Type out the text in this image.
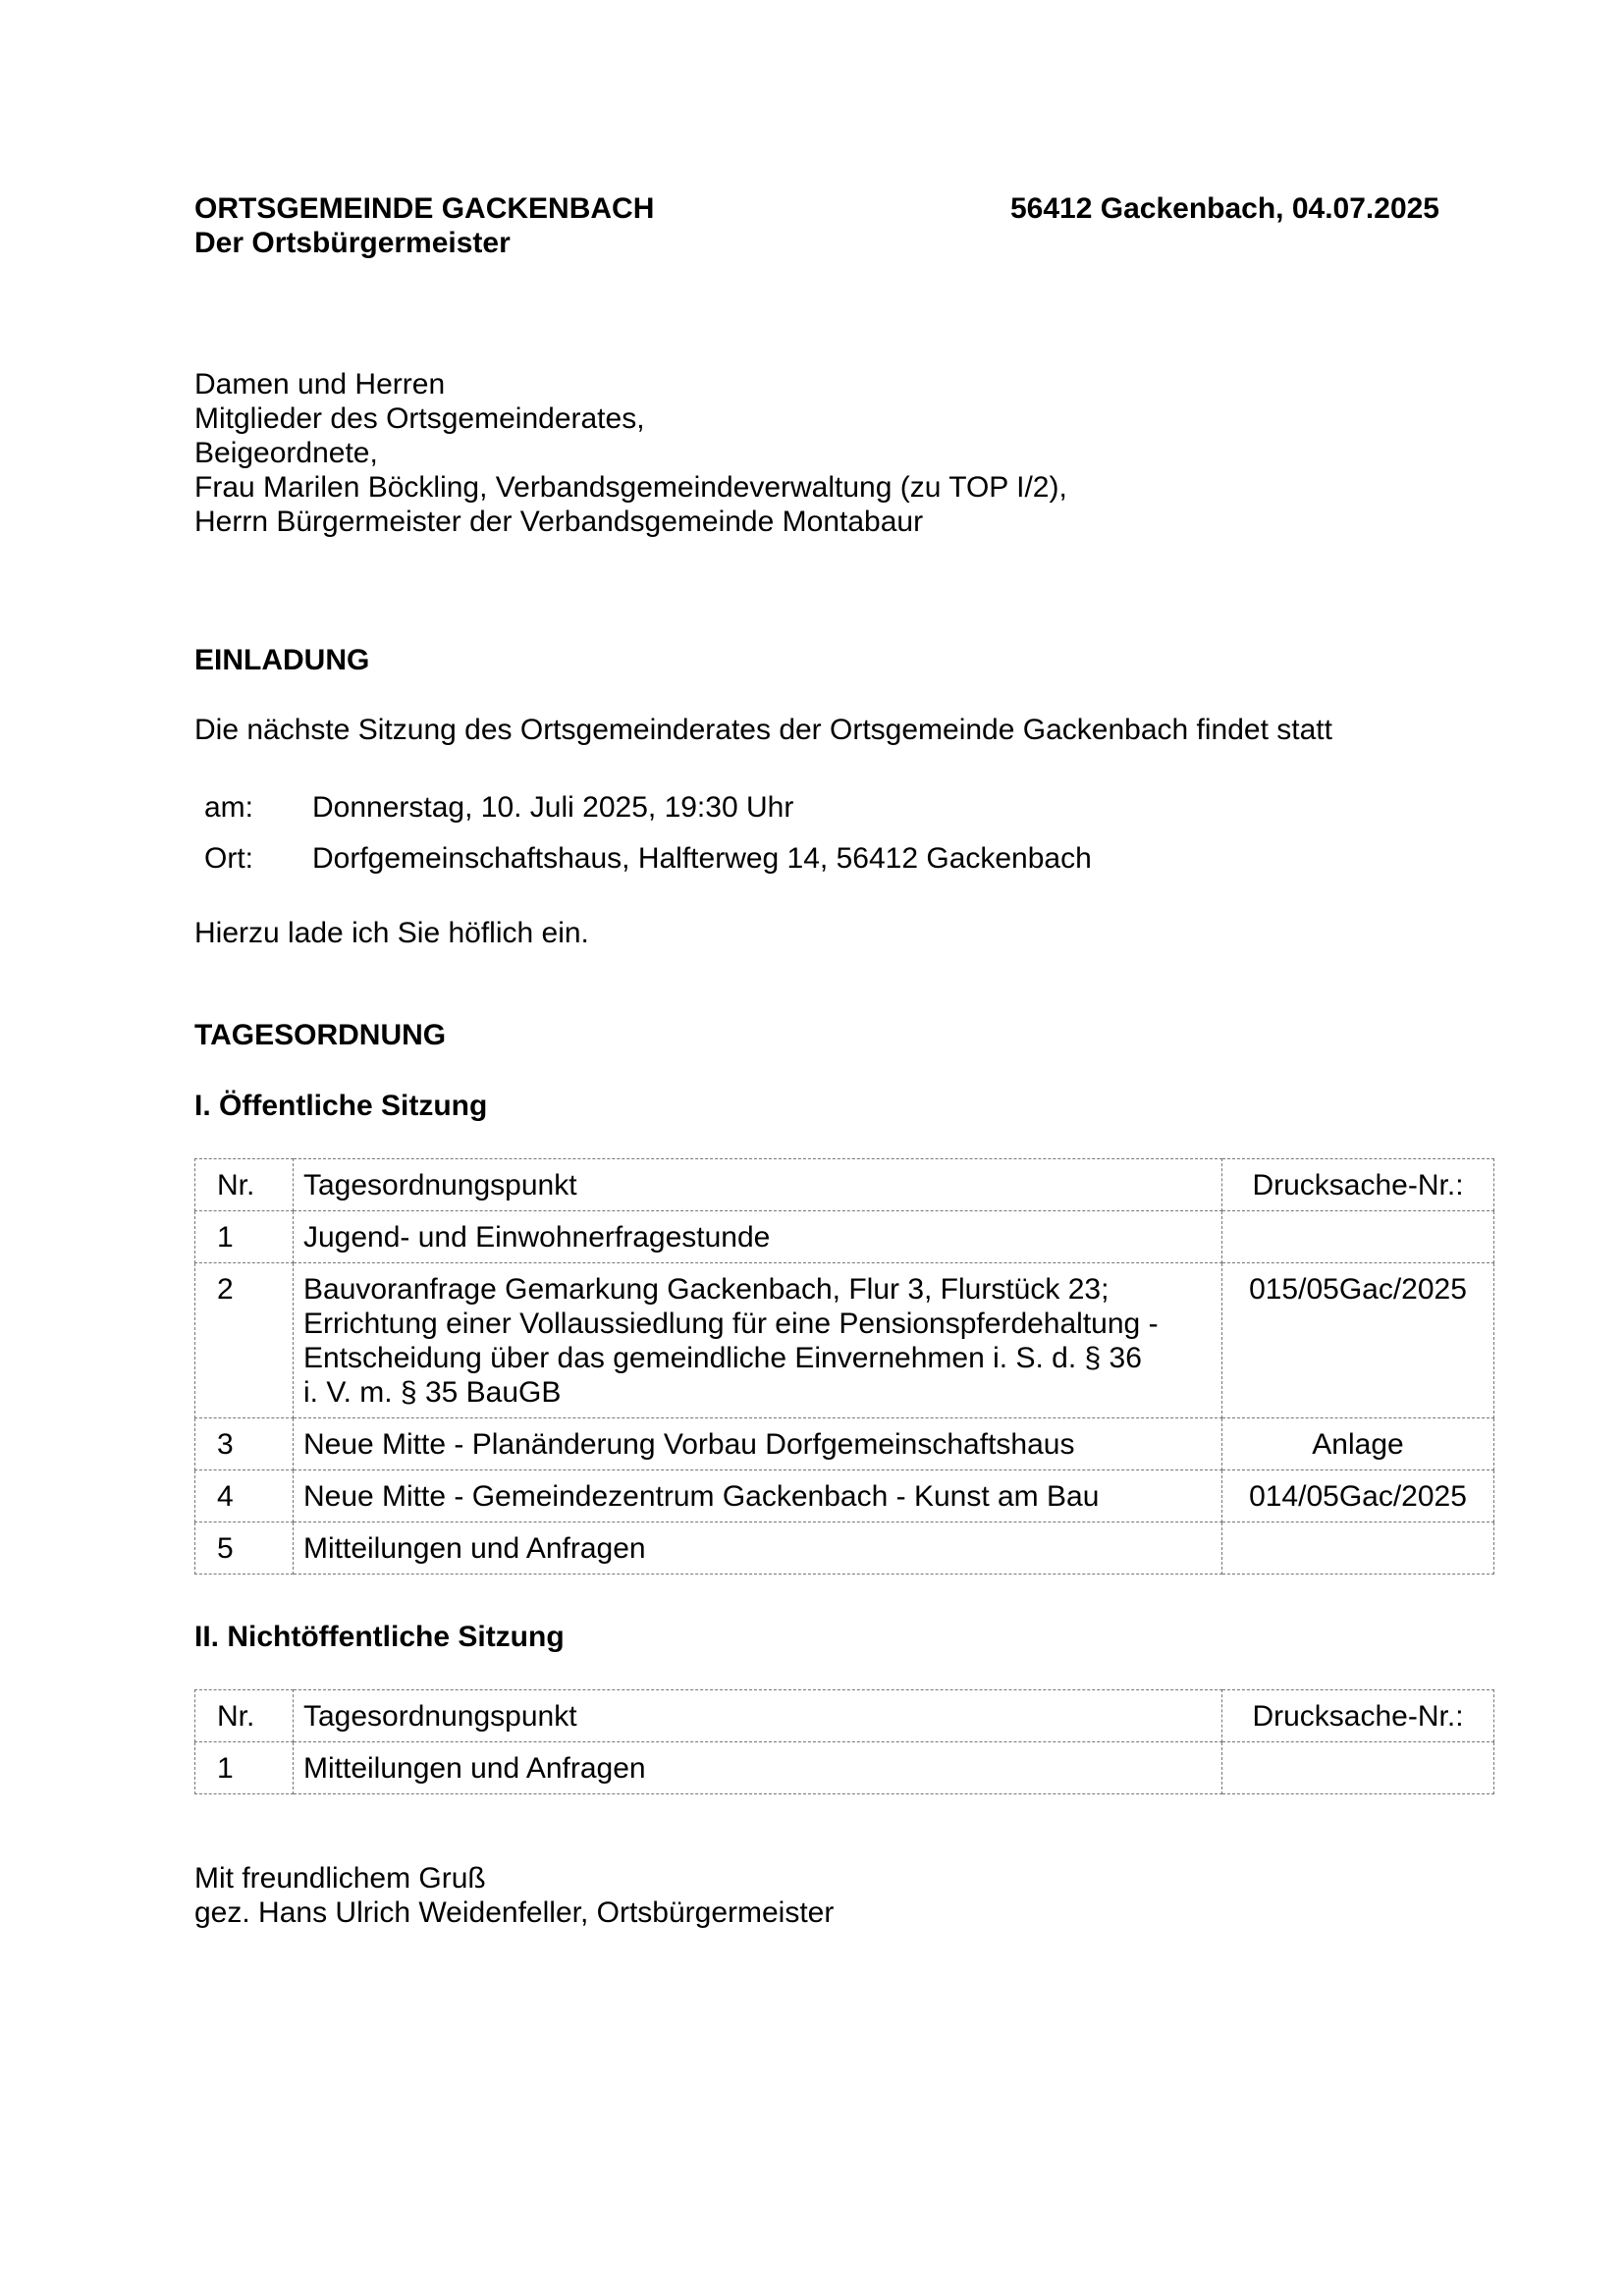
ORTSGEMEINDE GACKENBACH
Der Ortsbürgermeister
56412 Gackenbach, 04.07.2025
Damen und Herren
Mitglieder des Ortsgemeinderates,
Beigeordnete,
Frau Marilen Böckling, Verbandsgemeindeverwaltung (zu TOP I/2),
Herrn Bürgermeister der Verbandsgemeinde Montabaur
EINLADUNG
Die nächste Sitzung des Ortsgemeinderates der Ortsgemeinde Gackenbach findet statt
am:	Donnerstag, 10. Juli 2025, 19:30 Uhr
Ort:	Dorfgemeinschaftshaus, Halfterweg 14, 56412 Gackenbach
Hierzu lade ich Sie höflich ein.
TAGESORDNUNG
I. Öffentliche Sitzung
Nr.	Tagesordnungspunkt	Drucksache-Nr.:
1	Jugend- und Einwohnerfragestunde	

2	Bauvoranfrage Gemarkung Gackenbach, Flur 3, Flurstück 23;
Errichtung einer Vollaussiedlung für eine Pensionspferdehaltung -
Entscheidung über das gemeindliche Einvernehmen i. S. d. § 36
i. V. m. § 35 BauGB	015/05Gac/2025
3	Neue Mitte - Planänderung Vorbau Dorfgemeinschaftshaus	Anlage
4	Neue Mitte - Gemeindezentrum Gackenbach - Kunst am Bau	014/05Gac/2025
5	Mitteilungen und Anfragen	

II. Nichtöffentliche Sitzung
Nr.	Tagesordnungspunkt	Drucksache-Nr.:
1	Mitteilungen und Anfragen	

Mit freundlichem Gruß
gez. Hans Ulrich Weidenfeller, Ortsbürgermeister
